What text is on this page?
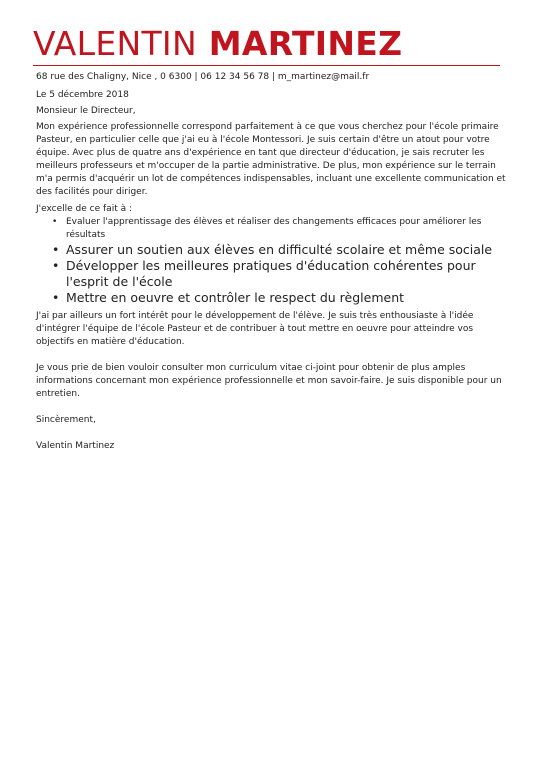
VALENTIN MARTINEZ

68 rue des Chaligny, Nice , 0 6300 | 06 12 34 56 78 | m_martinez@mail.fr

Le 5 décembre 2018

Monsieur le Directeur,

Mon expérience professionnelle correspond parfaitement à ce que vous cherchez pour l'école primaire Pasteur, en particulier celle que j'ai eu à l'école Montessori. Je suis certain d'être un atout pour votre équipe. Avec plus de quatre ans d'expérience en tant que directeur d'éducation, je sais recruter les meilleurs professeurs et m'occuper de la partie administrative. De plus, mon expérience sur le terrain m'a permis d'acquérir un lot de compétences indispensables, incluant une excellente communication et des facilités pour diriger.

J'excelle de ce fait à :

• Evaluer l'apprentissage des élèves et réaliser des changements efficaces pour améliorer les résultats
• Assurer un soutien aux élèves en difficulté scolaire et même sociale
• Développer les meilleures pratiques d'éducation cohérentes pour l'esprit de l'école
• Mettre en oeuvre et contrôler le respect du règlement

J'ai par ailleurs un fort intérêt pour le développement de l'élève. Je suis très enthousiaste à l'idée d'intégrer l'équipe de l'école Pasteur et de contribuer à tout mettre en oeuvre pour atteindre vos objectifs en matière d'éducation.

Je vous prie de bien vouloir consulter mon curriculum vitae ci-joint pour obtenir de plus amples informations concernant mon expérience professionnelle et mon savoir-faire. Je suis disponible pour un entretien.

Sincèrement,

Valentin Martinez
